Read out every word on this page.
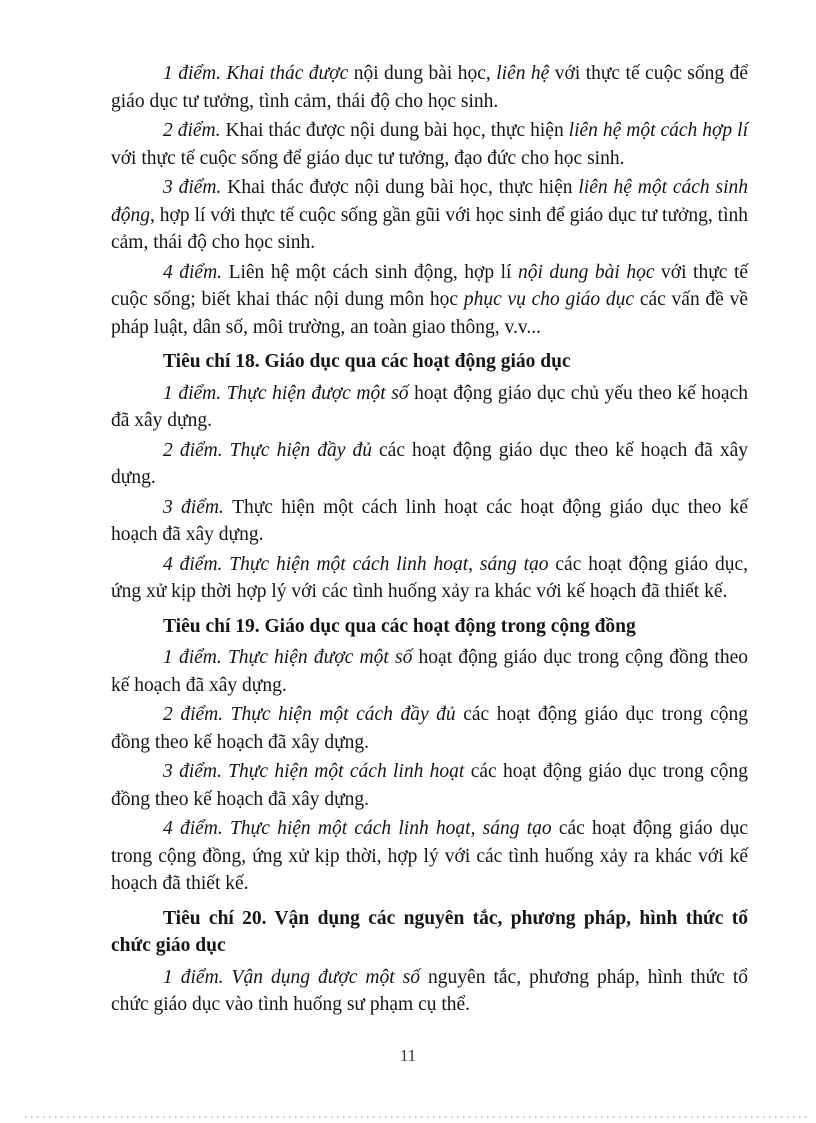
1 điểm. Khai thác được nội dung bài học, liên hệ với thực tế cuộc sống để giáo dục tư tưởng, tình cảm, thái độ cho học sinh.

2 điểm. Khai thác được nội dung bài học, thực hiện liên hệ một cách hợp lí với thực tế cuộc sống để giáo dục tư tưởng, đạo đức cho học sinh.

3 điểm. Khai thác được nội dung bài học, thực hiện liên hệ một cách sinh động, hợp lí với thực tế cuộc sống gần gũi với học sinh để giáo dục tư tưởng, tình cảm, thái độ cho học sinh.

4 điểm. Liên hệ một cách sinh động, hợp lí nội dung bài học với thực tế cuộc sống; biết khai thác nội dung môn học phục vụ cho giáo dục các vấn đề về pháp luật, dân số, môi trường, an toàn giao thông, v.v...

Tiêu chí 18. Giáo dục qua các hoạt động giáo dục

1 điểm. Thực hiện được một số hoạt động giáo dục chủ yếu theo kế hoạch đã xây dựng.

2 điểm. Thực hiện đầy đủ các hoạt động giáo dục theo kế hoạch đã xây dựng.

3 điểm. Thực hiện một cách linh hoạt các hoạt động giáo dục theo kế hoạch đã xây dựng.

4 điểm. Thực hiện một cách linh hoạt, sáng tạo các hoạt động giáo dục, ứng xử kịp thời hợp lý với các tình huống xảy ra khác với kế hoạch đã thiết kế.

Tiêu chí 19. Giáo dục qua các hoạt động trong cộng đồng

1 điểm. Thực hiện được một số hoạt động giáo dục trong cộng đồng theo kế hoạch đã xây dựng.

2 điểm. Thực hiện một cách đầy đủ các hoạt động giáo dục trong cộng đồng theo kế hoạch đã xây dựng.

3 điểm. Thực hiện một cách linh hoạt các hoạt động giáo dục trong cộng đồng theo kế hoạch đã xây dựng.

4 điểm. Thực hiện một cách linh hoạt, sáng tạo các hoạt động giáo dục trong cộng đồng, ứng xử kịp thời, hợp lý với các tình huống xảy ra khác với kế hoạch đã thiết kế.

Tiêu chí 20. Vận dụng các nguyên tắc, phương pháp, hình thức tổ chức giáo dục

1 điểm. Vận dụng được một số nguyên tắc, phương pháp, hình thức tổ chức giáo dục vào tình huống sư phạm cụ thể.

11
